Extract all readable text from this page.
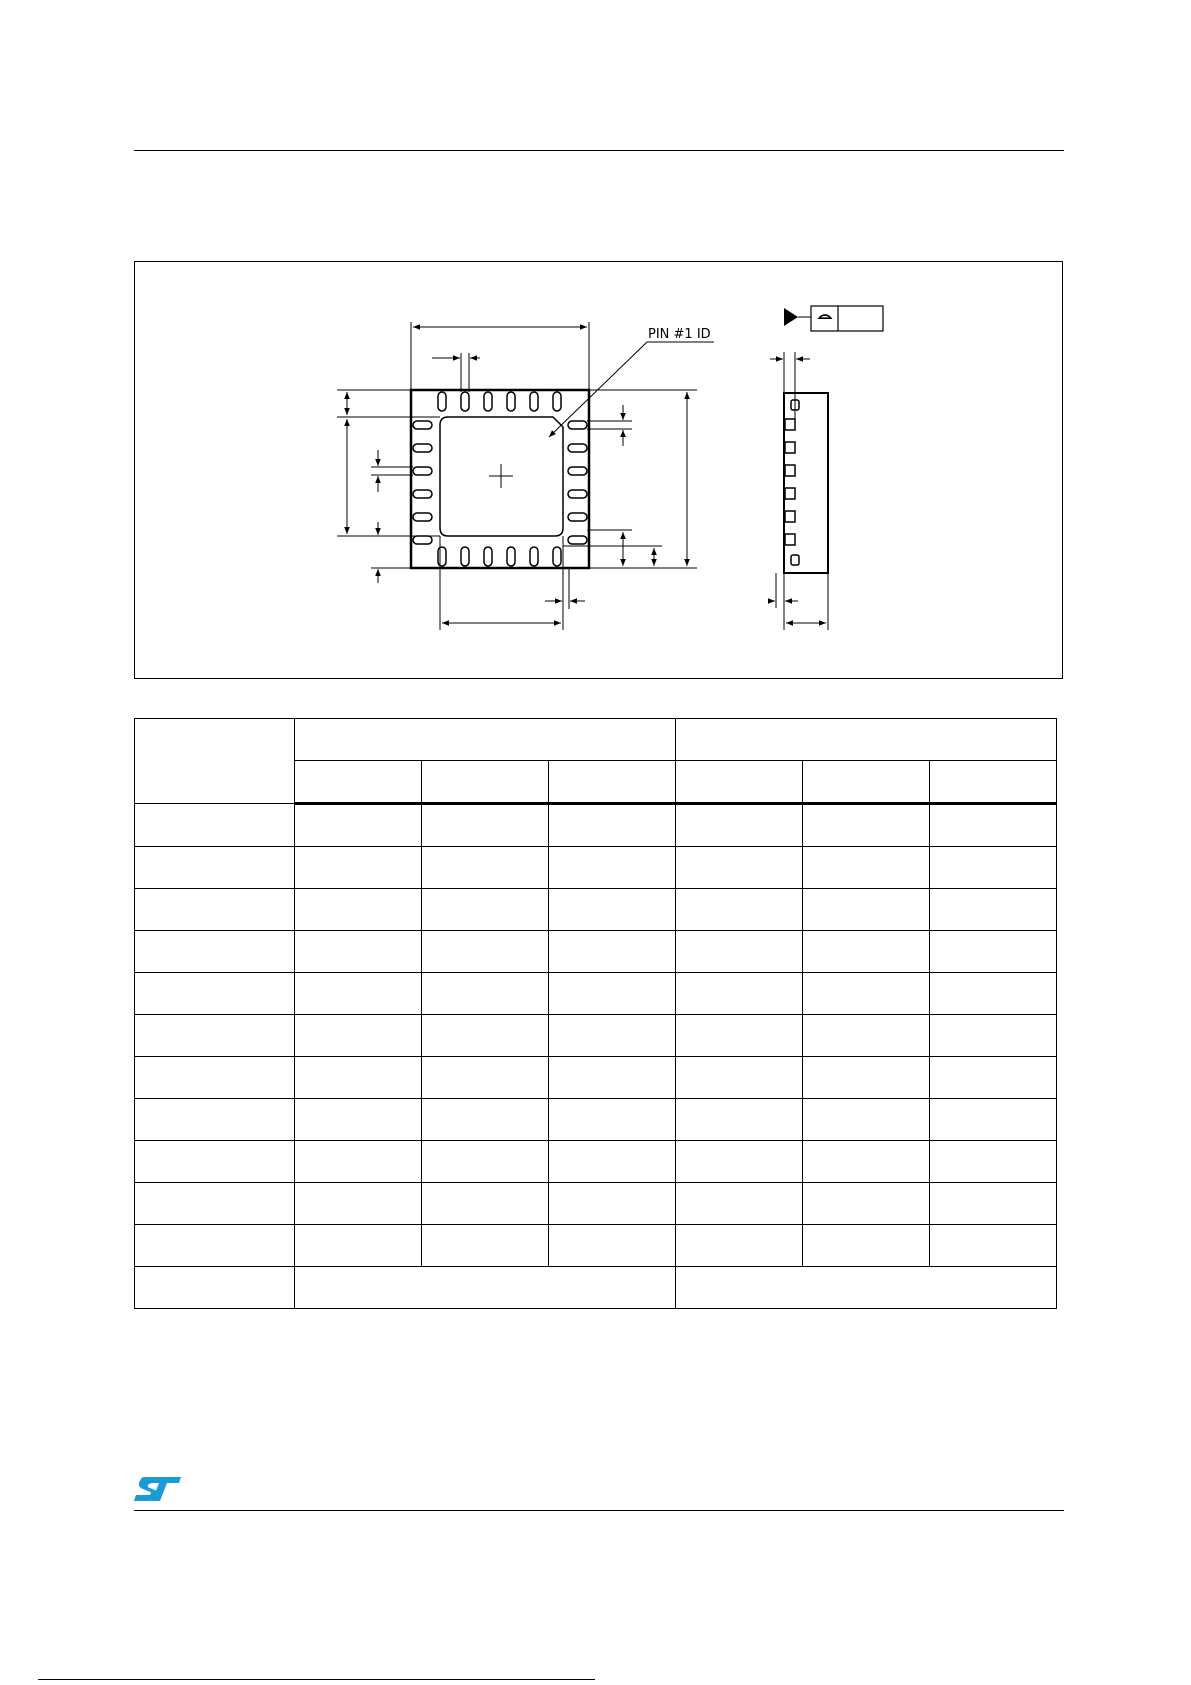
PIN #1 ID
